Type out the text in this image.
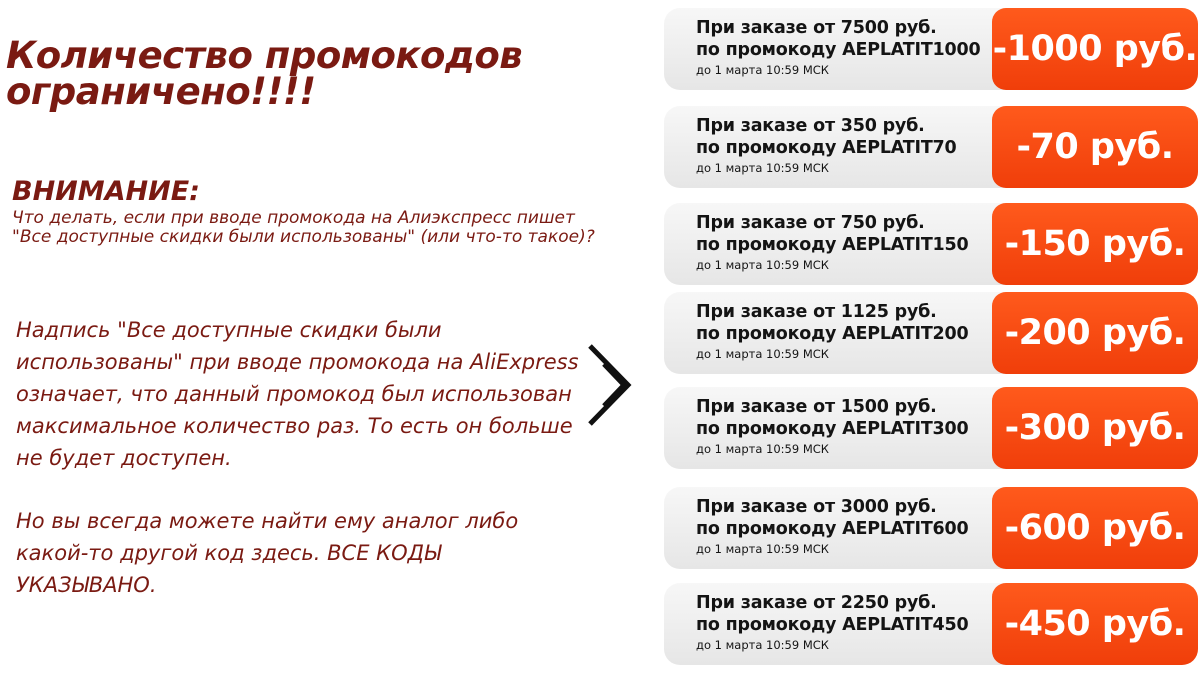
Количество промокодов ограничено!!!!
ВНИМАНИЕ:

Что делать, если при вводе промокода на Алиэкспресс пишет "Все доступные скидки были использованы" (или что-то такое)?

Надпись "Все доступные скидки были использованы" при вводе промокода на AliExpress означает, что данный промокод был использован максимальное количество раз. То есть он больше не будет доступен.

Но вы всегда можете найти ему аналог либо какой-то другой код здесь. ВСЕ КОДЫ УКАЗЫВАНО.

При заказе от 7500 руб.
по промокоду AEPLATIT1000
до 1 марта 10:59 МСК
-1000 руб.
При заказе от 350 руб.
по промокоду AEPLATIT70
до 1 марта 10:59 МСК
-70 руб.
При заказе от 750 руб.
по промокоду AEPLATIT150
до 1 марта 10:59 МСК
-150 руб.
При заказе от 1125 руб.
по промокоду AEPLATIT200
до 1 марта 10:59 МСК
-200 руб.
При заказе от 1500 руб.
по промокоду AEPLATIT300
до 1 марта 10:59 МСК
-300 руб.
При заказе от 3000 руб.
по промокоду AEPLATIT600
до 1 марта 10:59 МСК
-600 руб.
При заказе от 2250 руб.
по промокоду AEPLATIT450
до 1 марта 10:59 МСК
-450 руб.
